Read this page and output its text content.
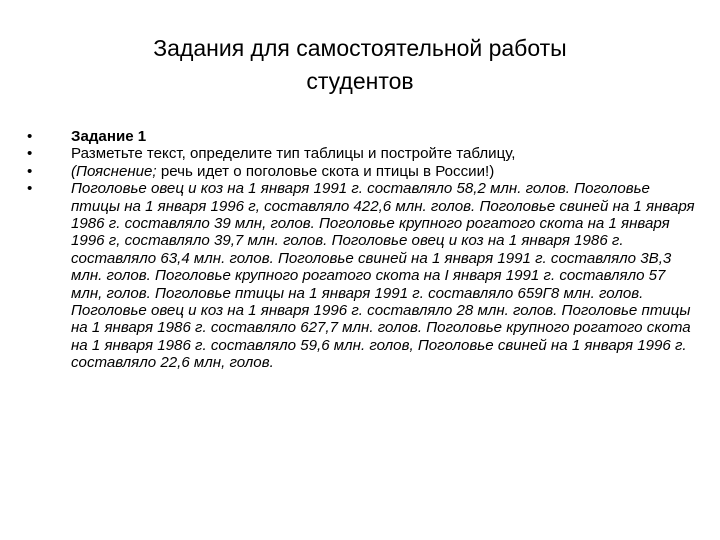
Задания для самостоятельной работы
студентов
•	Задание 1
•	Разметьте текст, определите тип таблицы и постройте таблицу,
•	(Пояснение; речь идет о поголовье скота и птицы в России!)
•	Поголовье овец и коз на 1 января 1991 г. составляло 58,2 млн. голов. Поголовье птицы на 1 января 1996 г, составляло 422,6 млн. голов. Поголовье свиней на 1 января 1986 г. составляло 39 млн, голов. Поголовье крупного рогатого скота на 1 января 1996 г, составляло 39,7 млн. голов. Поголовье овец и коз на 1 января 1986 г. составляло 63,4 млн. голов. Поголовье свиней на 1 января 1991 г. составляло 3В,3 млн. голов. Поголовье крупного рогатого скота на I января 1991 г. составляло 57 млн, голов. Поголовье птицы на 1 января 1991 г. составляло 659Г8 млн. голов. Поголовье овец и коз на 1 января 1996 г. составляло 28 млн. голов. Поголовье птицы на 1 января 1986 г. составляло 627,7 млн. голов. Поголовье крупного рогатого скота на 1 января 1986 г. составляло 59,6 млн. голов, Поголовье свиней на 1 января 1996 г. составляло 22,6 млн, голов.
